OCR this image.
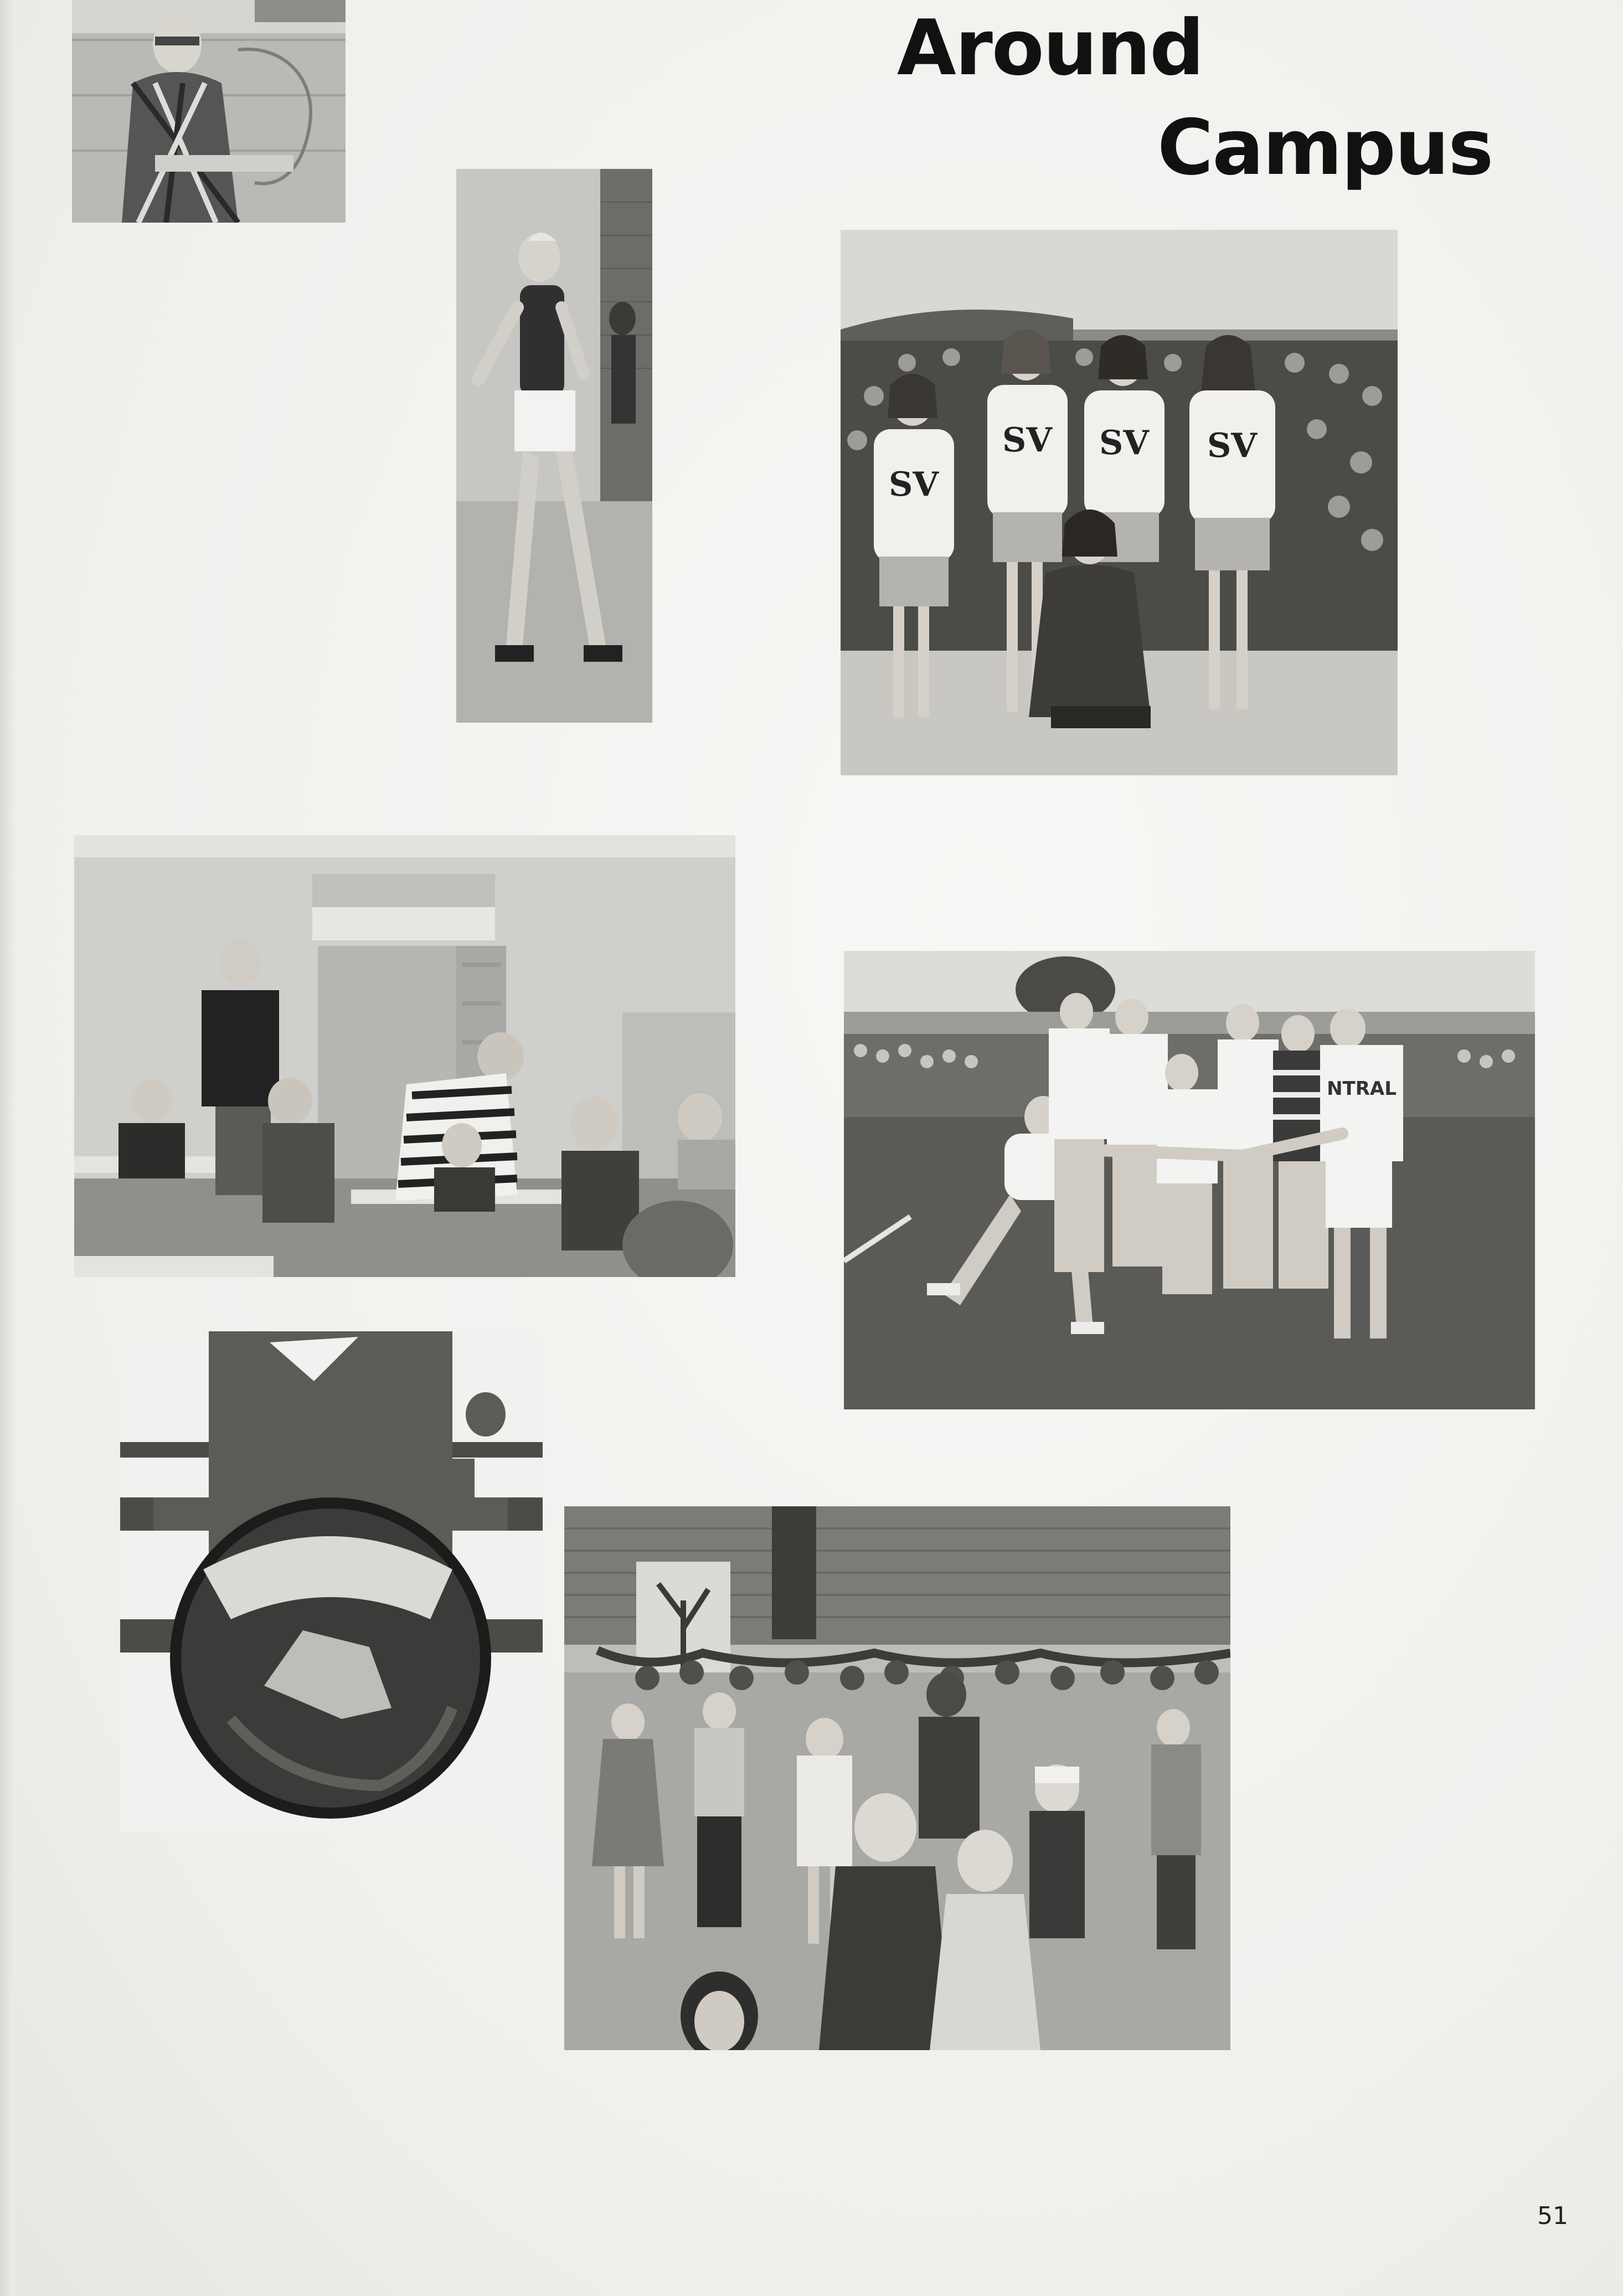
Around
Campus
SV
SV SV SV
NTRAL
51
